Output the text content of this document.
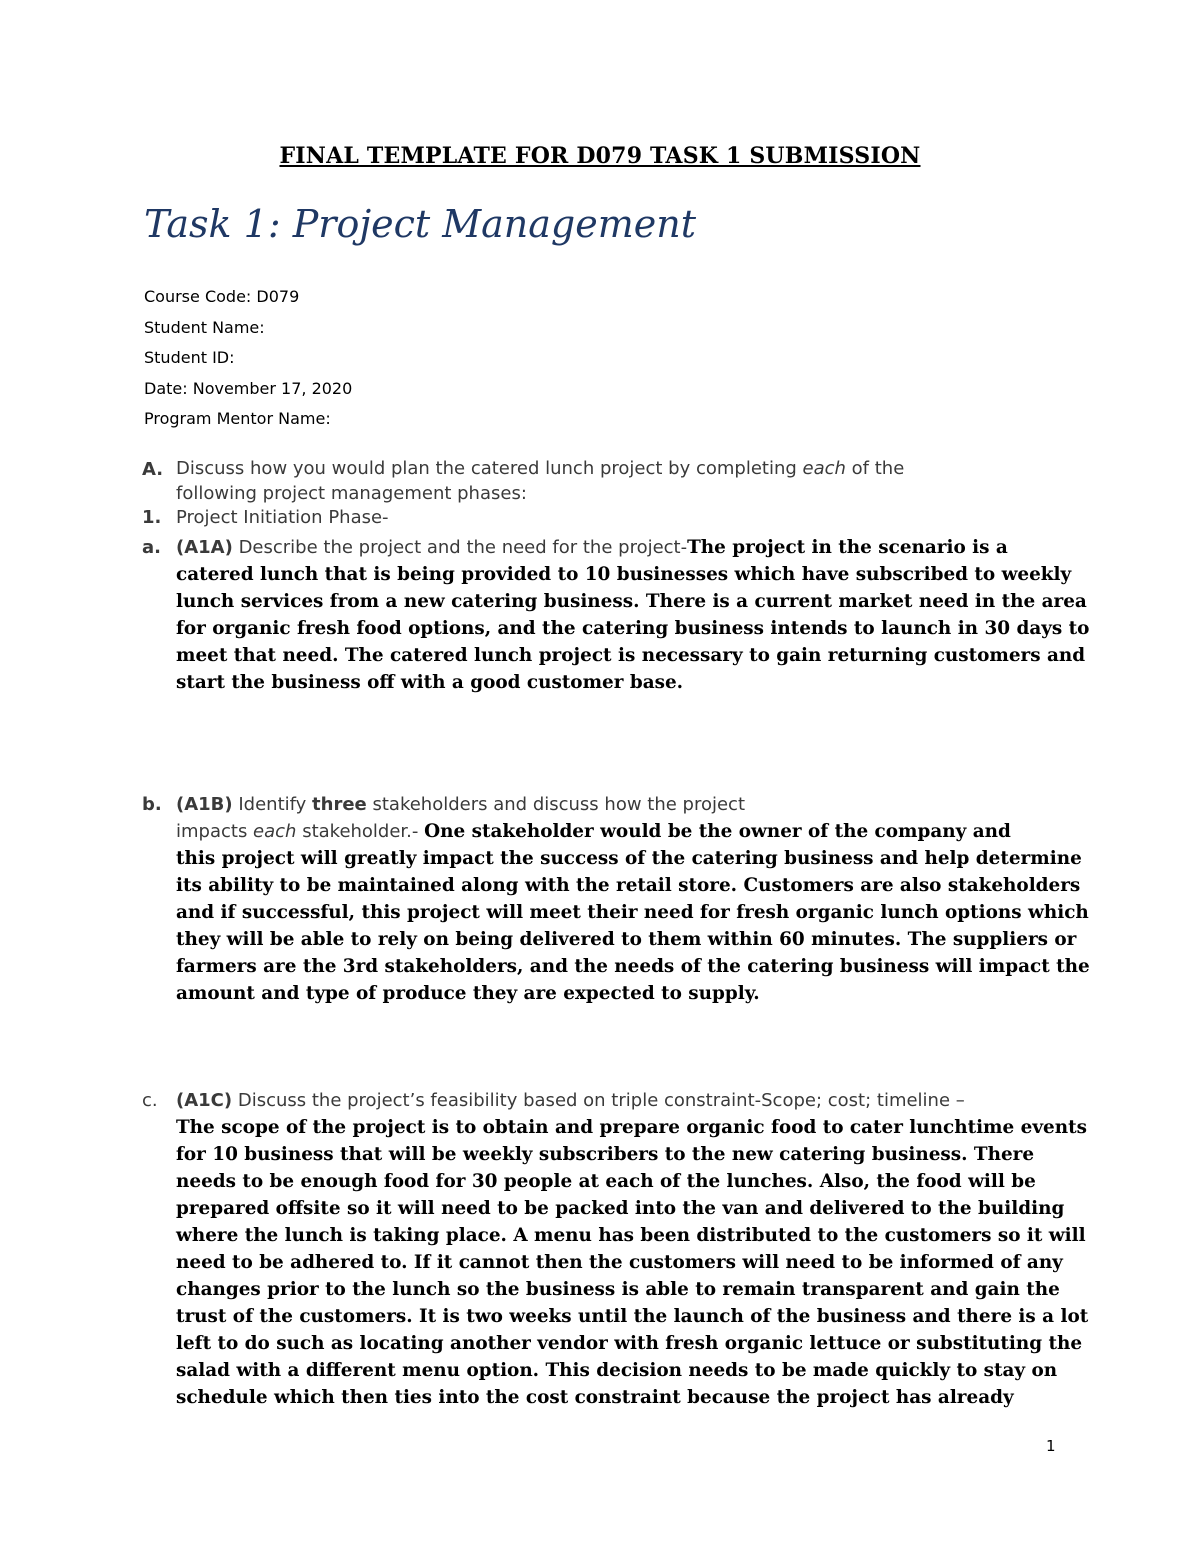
FINAL TEMPLATE FOR D079 TASK 1 SUBMISSION
Task 1: Project Management
Course Code: D079
Student Name:
Student ID:
Date: November 17, 2020
Program Mentor Name:
A. Discuss how you would plan the catered lunch project by completing each of the
following project management phases:
1. Project Initiation Phase-
a. (A1A) Describe the project and the need for the project-The project in the scenario is a
catered lunch that is being provided to 10 businesses which have subscribed to weekly
lunch services from a new catering business. There is a current market need in the area
for organic fresh food options, and the catering business intends to launch in 30 days to
meet that need. The catered lunch project is necessary to gain returning customers and
start the business off with a good customer base.
b. (A1B) Identify three stakeholders and discuss how the project
impacts each stakeholder.- One stakeholder would be the owner of the company and
this project will greatly impact the success of the catering business and help determine
its ability to be maintained along with the retail store. Customers are also stakeholders
and if successful, this project will meet their need for fresh organic lunch options which
they will be able to rely on being delivered to them within 60 minutes. The suppliers or
farmers are the 3rd stakeholders, and the needs of the catering business will impact the
amount and type of produce they are expected to supply.
c. (A1C) Discuss the project’s feasibility based on triple constraint-Scope; cost; timeline –
The scope of the project is to obtain and prepare organic food to cater lunchtime events
for 10 business that will be weekly subscribers to the new catering business. There
needs to be enough food for 30 people at each of the lunches. Also, the food will be
prepared offsite so it will need to be packed into the van and delivered to the building
where the lunch is taking place. A menu has been distributed to the customers so it will
need to be adhered to. If it cannot then the customers will need to be informed of any
changes prior to the lunch so the business is able to remain transparent and gain the
trust of the customers. It is two weeks until the launch of the business and there is a lot
left to do such as locating another vendor with fresh organic lettuce or substituting the
salad with a different menu option. This decision needs to be made quickly to stay on
schedule which then ties into the cost constraint because the project has already
1
